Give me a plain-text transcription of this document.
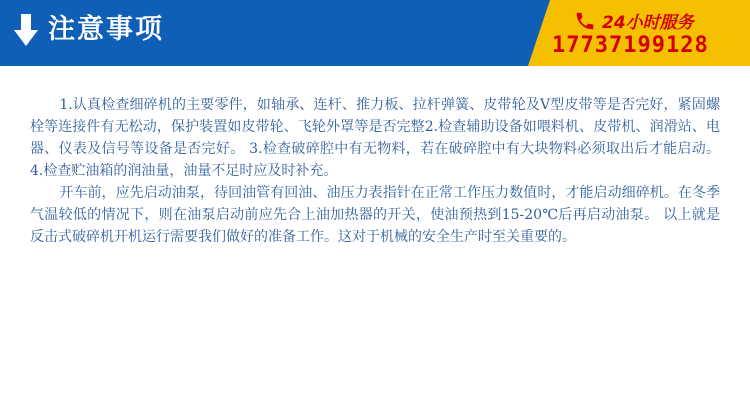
注意事项	24小时服务
17737199128

1.认真检查细碎机的主要零件，如轴承、连杆、推力板、拉杆弹簧、皮带轮及V型皮带等是否完好，紧固螺栓等连接件有无松动，保护装置如皮带轮、飞轮外罩等是否完整2.检查辅助设备如喂料机、皮带机、润滑站、电器、仪表及信号等设备是否完好。 3.检查破碎腔中有无物料，若在破碎腔中有大块物料必须取出后才能启动。 4.检查贮油箱的润油量，油量不足时应及时补充。

开车前，应先启动油泵，待回油管有回油、油压力表指针在正常工作压力数值时，才能启动细碎机。在冬季气温较低的情况下，则在油泵启动前应先合上油加热器的开关，使油预热到15-20℃后再启动油泵。 以上就是反击式破碎机开机运行需要我们做好的准备工作。这对于机械的安全生产时至关重要的。
